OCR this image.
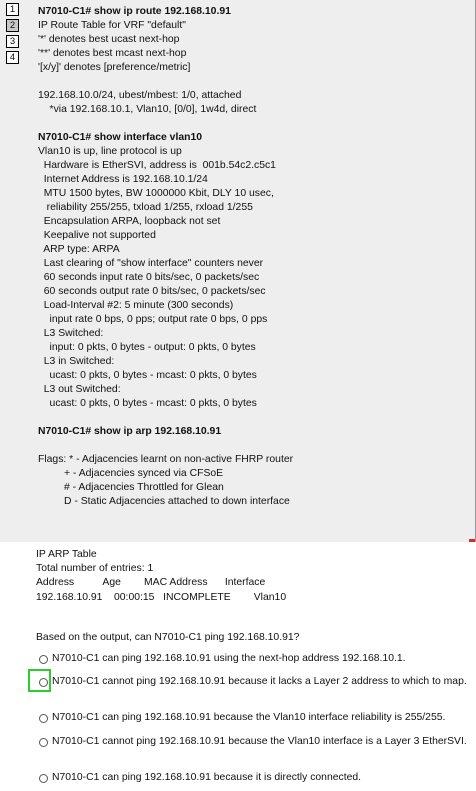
1
2
3
4
N7010-C1# show ip route 192.168.10.91
IP Route Table for VRF "default"
'*' denotes best ucast next-hop
'**' denotes best mcast next-hop
'[x/y]' denotes [preference/metric]
192.168.10.0/24, ubest/mbest: 1/0, attached
*via 192.168.10.1, Vlan10, [0/0], 1w4d, direct
N7010-C1# show interface vlan10
Vlan10 is up, line protocol is up
Hardware is EtherSVI, address is  001b.54c2.c5c1
Internet Address is 192.168.10.1/24
MTU 1500 bytes, BW 1000000 Kbit, DLY 10 usec,
reliability 255/255, txload 1/255, rxload 1/255
Encapsulation ARPA, loopback not set
Keepalive not supported
ARP type: ARPA
Last clearing of "show interface" counters never
60 seconds input rate 0 bits/sec, 0 packets/sec
60 seconds output rate 0 bits/sec, 0 packets/sec
Load-Interval #2: 5 minute (300 seconds)
input rate 0 bps, 0 pps; output rate 0 bps, 0 pps
L3 Switched:
input: 0 pkts, 0 bytes - output: 0 pkts, 0 bytes
L3 in Switched:
ucast: 0 pkts, 0 bytes - mcast: 0 pkts, 0 bytes
L3 out Switched:
ucast: 0 pkts, 0 bytes - mcast: 0 pkts, 0 bytes
N7010-C1# show ip arp 192.168.10.91
Flags: * - Adjacencies learnt on non-active FHRP router
+ - Adjacencies synced via CFSoE
# - Adjacencies Throttled for Glean
D - Static Adjacencies attached to down interface
IP ARP Table
Total number of entries: 1
Address          Age        MAC Address      Interface
192.168.10.91    00:00:15   INCOMPLETE        Vlan10
Based on the output, can N7010-C1 ping 192.168.10.91?
N7010-C1 can ping 192.168.10.91 using the next-hop address 192.168.10.1.
N7010-C1 cannot ping 192.168.10.91 because it lacks a Layer 2 address to which to map.
N7010-C1 can ping 192.168.10.91 because the Vlan10 interface reliability is 255/255.
N7010-C1 cannot ping 192.168.10.91 because the Vlan10 interface is a Layer 3 EtherSVI.
N7010-C1 can ping 192.168.10.91 because it is directly connected.
